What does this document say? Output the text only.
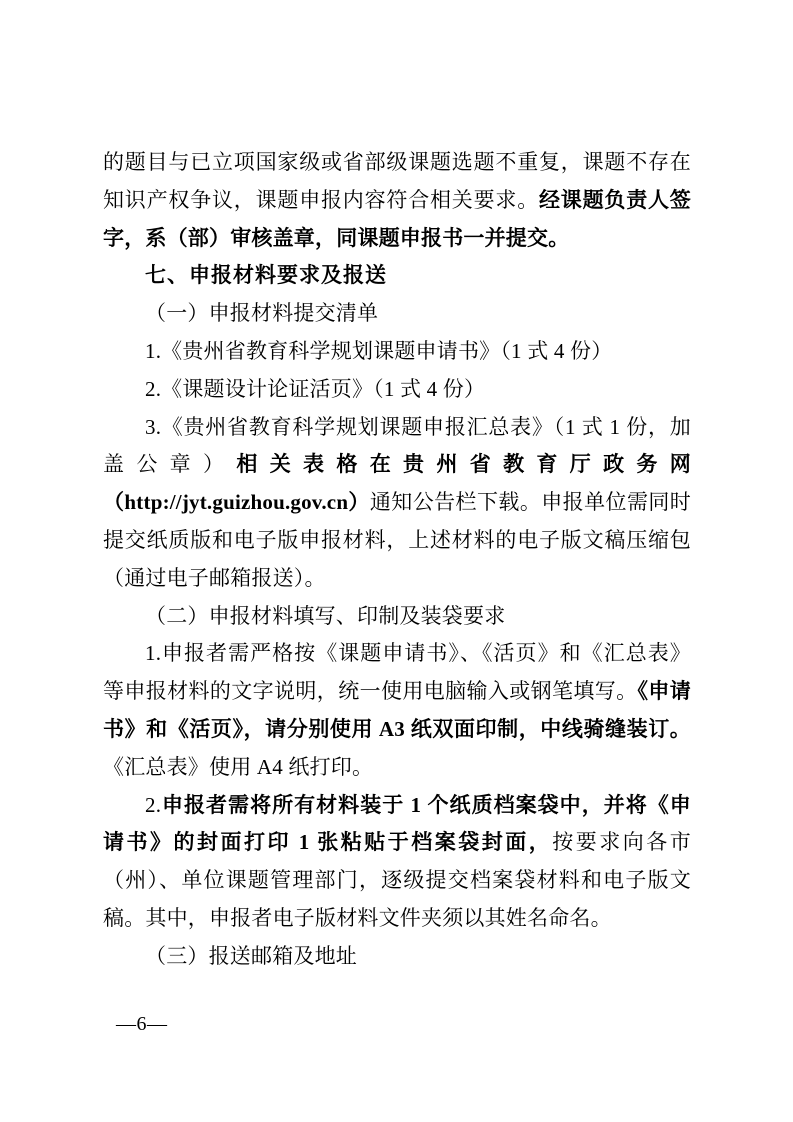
的题目与已立项国家级或省部级课题选题不重复，课题不存在知识产权争议，课题申报内容符合相关要求。经课题负责人签字，系（部）审核盖章，同课题申报书一并提交。

七、申报材料要求及报送

（一）申报材料提交清单

1.《贵州省教育科学规划课题申请书》（1 式 4 份）

2.《课题设计论证活页》（1 式 4 份）

3.《贵州省教育科学规划课题申报汇总表》（1 式 1 份，加盖公章）相关表格在贵州省教育厅政务网（http://jyt.guizhou.gov.cn）通知公告栏下载。申报单位需同时提交纸质版和电子版申报材料，上述材料的电子版文稿压缩包（通过电子邮箱报送）。

（二）申报材料填写、印制及装袋要求

1.申报者需严格按《课题申请书》、《活页》和《汇总表》等申报材料的文字说明，统一使用电脑输入或钢笔填写。《申请书》和《活页》，请分别使用 A3 纸双面印制，中线骑缝装订。《汇总表》使用 A4 纸打印。

2.申报者需将所有材料装于 1 个纸质档案袋中，并将《申请书》的封面打印 1 张粘贴于档案袋封面，按要求向各市（州）、单位课题管理部门，逐级提交档案袋材料和电子版文稿。其中，申报者电子版材料文件夹须以其姓名命名。

（三）报送邮箱及地址

—6—
